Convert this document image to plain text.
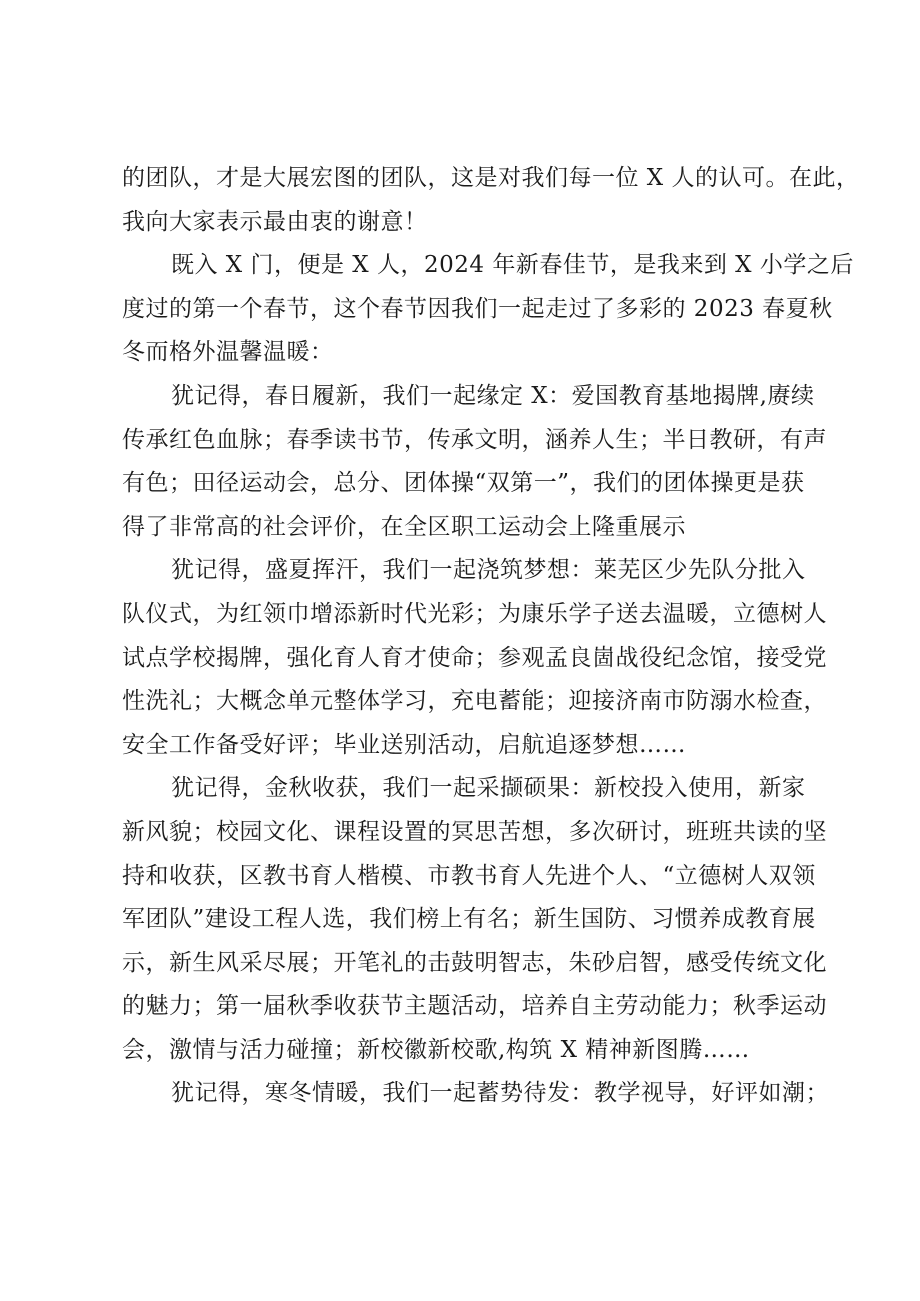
的团队，才是大展宏图的团队，这是对我们每一位 X 人的认可。在此，
我向大家表示最由衷的谢意！
既入 X 门，便是 X 人，2024 年新春佳节，是我来到 X 小学之后
度过的第一个春节，这个春节因我们一起走过了多彩的 2023 春夏秋
冬而格外温馨温暖：
犹记得，春日履新，我们一起缘定 X：爱国教育基地揭牌,赓续
传承红色血脉；春季读书节，传承文明，涵养人生；半日教研，有声
有色；田径运动会，总分、团体操“双第一”，我们的团体操更是获
得了非常高的社会评价，在全区职工运动会上隆重展示
犹记得，盛夏挥汗，我们一起浇筑梦想：莱芜区少先队分批入
队仪式，为红领巾增添新时代光彩；为康乐学子送去温暖，立德树人
试点学校揭牌，强化育人育才使命；参观孟良崮战役纪念馆，接受党
性洗礼；大概念单元整体学习，充电蓄能；迎接济南市防溺水检查，
安全工作备受好评；毕业送别活动，启航追逐梦想……
犹记得，金秋收获，我们一起采撷硕果：新校投入使用，新家
新风貌；校园文化、课程设置的冥思苦想，多次研讨，班班共读的坚
持和收获，区教书育人楷模、市教书育人先进个人、“立德树人双领
军团队”建设工程人选，我们榜上有名；新生国防、习惯养成教育展
示，新生风采尽展；开笔礼的击鼓明智志，朱砂启智，感受传统文化
的魅力；第一届秋季收获节主题活动，培养自主劳动能力；秋季运动
会，激情与活力碰撞；新校徽新校歌,构筑 X 精神新图腾……
犹记得，寒冬情暖，我们一起蓄势待发：教学视导，好评如潮；
